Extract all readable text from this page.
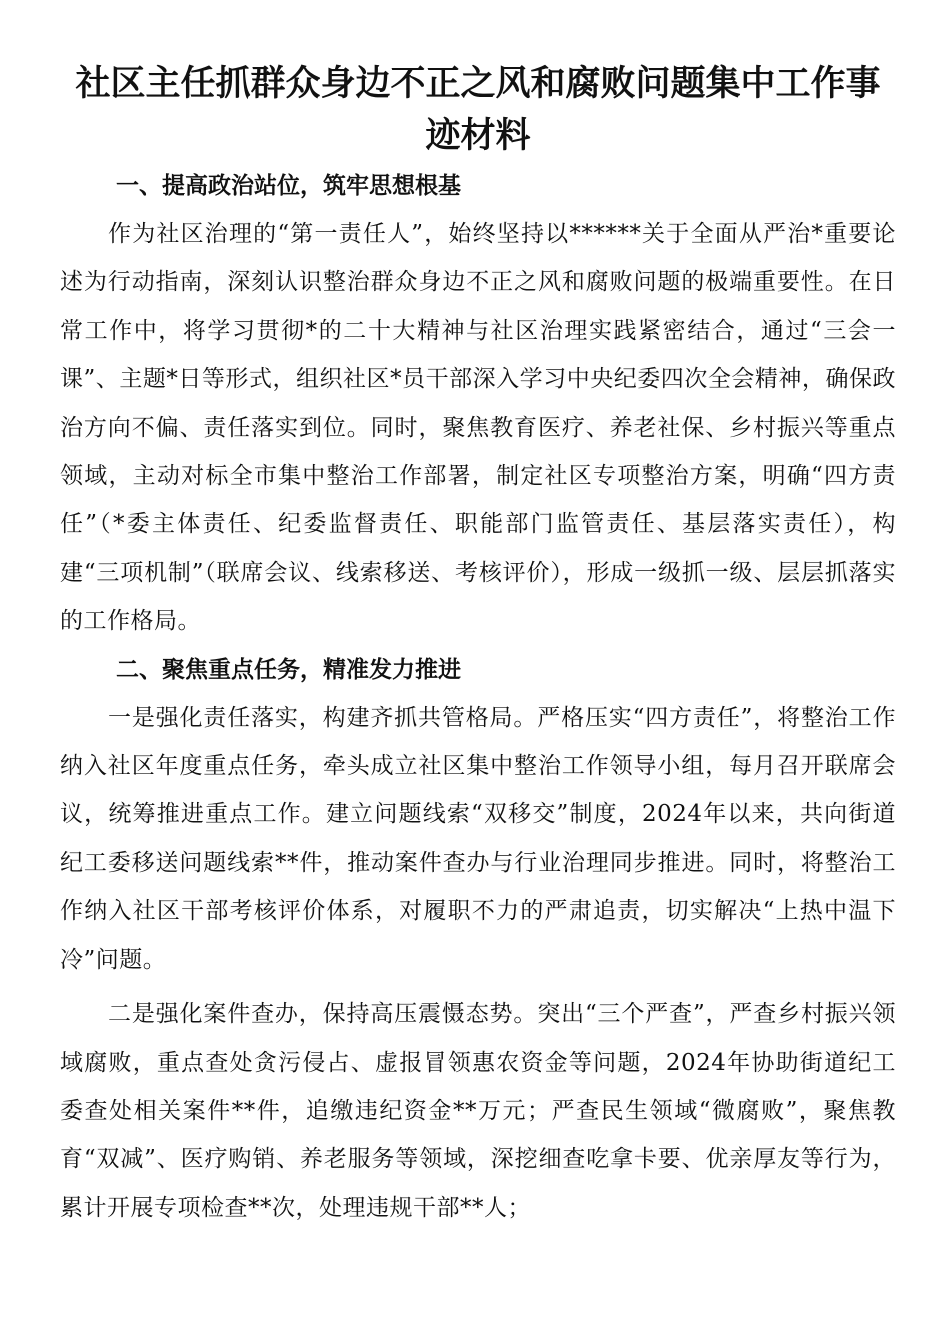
社区主任抓群众身边不正之风和腐败问题集中工作事迹材料
一、提高政治站位，筑牢思想根基

作为社区治理的“第一责任人”，始终坚持以******关于全面从严治*重要论述为行动指南，深刻认识整治群众身边不正之风和腐败问题的极端重要性。在日常工作中，将学习贯彻*的二十大精神与社区治理实践紧密结合，通过“三会一课”、主题*日等形式，组织社区*员干部深入学习中央纪委四次全会精神，确保政治方向不偏、责任落实到位。同时，聚焦教育医疗、养老社保、乡村振兴等重点领域，主动对标全市集中整治工作部署，制定社区专项整治方案，明确“四方责任”（*委主体责任、纪委监督责任、职能部门监管责任、基层落实责任），构建“三项机制”（联席会议、线索移送、考核评价），形成一级抓一级、层层抓落实的工作格局。

二、聚焦重点任务，精准发力推进

一是强化责任落实，构建齐抓共管格局。严格压实“四方责任”，将整治工作纳入社区年度重点任务，牵头成立社区集中整治工作领导小组，每月召开联席会议，统筹推进重点工作。建立问题线索“双移交”制度，2024年以来，共向街道纪工委移送问题线索**件，推动案件查办与行业治理同步推进。同时，将整治工作纳入社区干部考核评价体系，对履职不力的严肃追责，切实解决“上热中温下冷”问题。

二是强化案件查办，保持高压震慑态势。突出“三个严查”，严查乡村振兴领域腐败，重点查处贪污侵占、虚报冒领惠农资金等问题，2024年协助街道纪工委查处相关案件**件，追缴违纪资金**万元；严查民生领域“微腐败”，聚焦教育“双减”、医疗购销、养老服务等领域，深挖细查吃拿卡要、优亲厚友等行为，累计开展专项检查**次，处理违规干部**人；
